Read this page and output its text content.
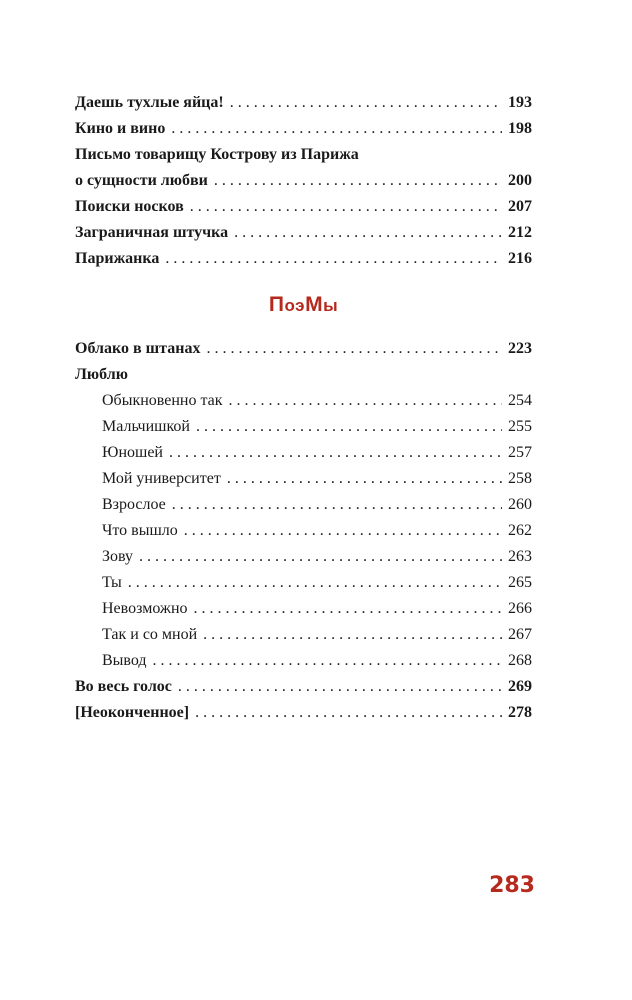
Даешь тухлые яйца! . . .	193
Кино и вино . . .	198
Письмо товарищу Кострову из Парижа
о сущности любви . . .	200
Поиски носков . . .	207
Заграничная штучка . . .	212
Парижанка . . .	216
ПоэМы
Облако в штанах . . .	223
Люблю
Обыкновенно так . . .	254
Мальчишкой . . .	255
Юношей . . .	257
Мой университет . . .	258
Взрослое . . .	260
Что вышло . . .	262
Зову . . .	263
Ты . . .	265
Невозможно . . .	266
Так и со мной . . .	267
Вывод . . .	268
Во весь голос . . .	269
[Неоконченное] . . .	278
283
